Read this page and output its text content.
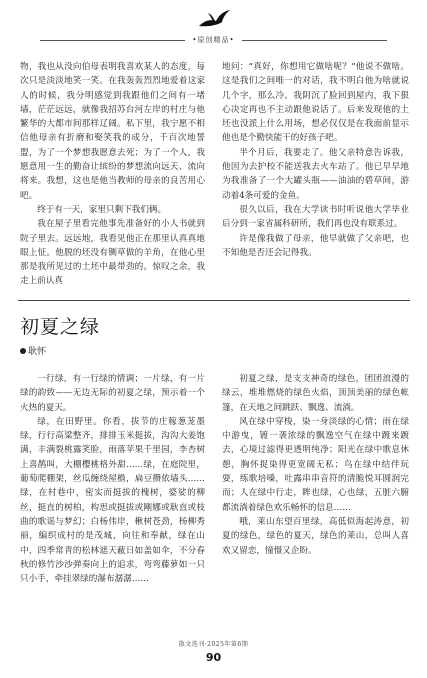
•原创精品•

物，我也从没向伯母表明我喜欢某人的态度，每次只是淡淡地笑一笑。在我轰轰烈烈地爱着这家人的时候，我分明感觉到我跟他们之间有一堵墙，茫茫远远，就像我招苏台河左岸的村庄与他繁华的大都市间那样辽阔。私下里，我宁愿不相信他母亲有折磨和娶笑我的成分，千百次地誓盟，为了一个梦想我愿意去死；为了一个人，我愿意用一生的勤奋让缤纷的梦想流向远天、流向将来。我想，这也是他当教师的母亲的良苦用心吧。

终于有一天，家里只剩下我们俩。

我在屋子里看完他事先准备好的小人书就到院子里去。远远地，我看见他正在那里认真真地眼上怔。他脱的坯没有铡草做的羊角，在他心里那是我所见过的土坯中最带劲的。惊叹之余，我走上前认真

地问：“真好，你想用它做啥呢？”他说不做啥。这是我们之间唯一的对话，我不明白他为啥就说几个字，那么冷。我阴沉了脸回到屋内，我下狠心决定再也不主动跟他说话了。后来发现他的土坯也没派上什么用场，想必仅仅是在我面前显示他也是个勤快能干的好孩子吧。

半个月后，我要走了。他父亲特意告诉我，他因为去护校不能送我去火车站了。他已早早地为我准备了一个大罐头瓶——油油的碧草间，游动着4条可爱的金鱼。

很久以后，我在大学读书时听说他大学毕业后分到一家省属科研所，我们再也没有联系过。

许是像我做了母亲，他早就做了父亲吧，也不知他是否还会记得我。

初夏之绿
耿怀

一行绿，有一行绿的情调；一片绿，有一片绿的韵致——无边无际的初夏之绿，预示着一个火热的夏天。

绿，在田野里。你看，拔节的庄稼葱茏墨绿，行行高粱整齐，排排玉米挺拔，沟沟大姜饱满，丰满裂桃露笑脸，雨落苹果千里园，李杏树上喜鹊叫，大棚樱桃格外甜……绿，在庭院里，葡萄爬棚架，丝瓜缠绕屋檐，扁豆攒依墙头……绿，在村巷中，密实而挺拔的槐树，婆娑的柳丝，挺直的树柏，构思或挺拔或剛娜或耿直或枝曲的歌谣与梦幻；白杨伟岸，楸树苍劲，杨柳秀丽，编织成村的是茂城，向往和奉献，绿在山中，四季常青的松林遮天蔽日如盖如伞，不分春秋的修竹沙沙弹奏向上的追求，弯弯藤萝如一只只小手，牵挂翠绿的瀑布潺潺……

初夏之绿，是支支神奇的绿色，团团浪漫的绿云，堆堆燃烧的绿色火焰，顶顶美丽的绿色帐篷，在天地之间跳跃、飘逸、流淌。

风在绿中穿梭，染一身淡绿的心情；雨在绿中游曳，镀一袭浓绿的飘逸空气在绿中踱来踱去，心境过滤得更透明纯净；阳光在绿中歌息休憩，胸怀捉染得更宽阔无私；鸟在绿中结伴玩耍，练歌培嗓，吐露串串音符的清脆悦耳圆润完而；人在绿中行走，眸也绿，心也绿，五脏六腑都流淌着绿色欢乐畅怀的信息……

哦，莱山东望百里绿，高低似海起涛意，初夏的绿色，绿色的夏天，绿色的莱山，总叫人喜欢又留恋，憧憬又企盼。

散文选刊·2025年第6期
90
